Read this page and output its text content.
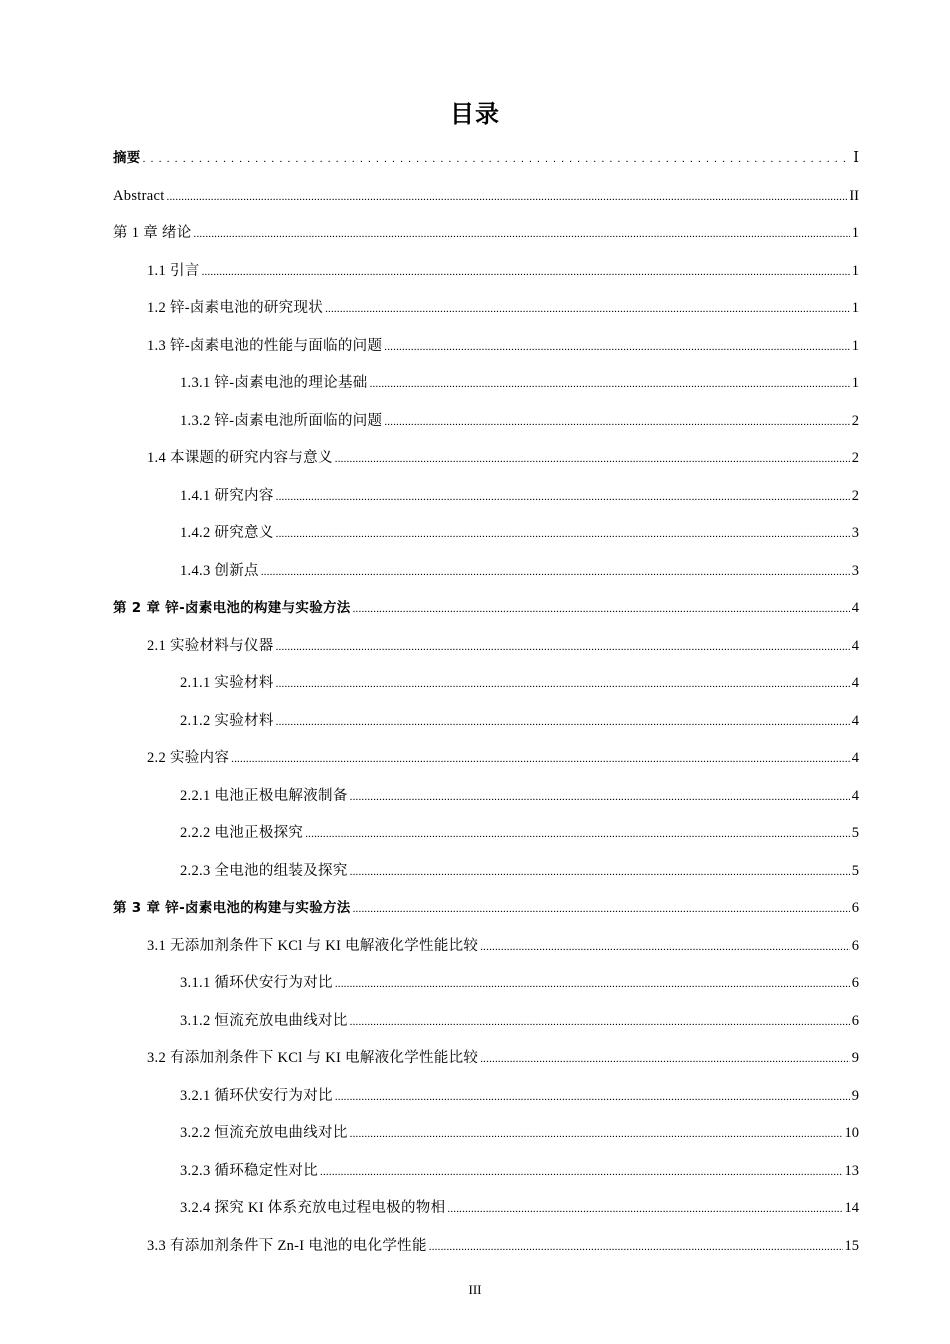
目录
摘要 .....	Ⅰ
Abstract .....	II
第 1 章 绪论 .....	1
1.1 引言 .....	1
1.2 锌-卤素电池的研究现状 .....	1
1.3 锌-卤素电池的性能与面临的问题 .....	1
1.3.1 锌-卤素电池的理论基础 .....	1
1.3.2 锌-卤素电池所面临的问题 .....	2
1.4 本课题的研究内容与意义 .....	2
1.4.1 研究内容 .....	2
1.4.2 研究意义 .....	3
1.4.3 创新点 .....	3
第 2 章 锌-卤素电池的构建与实验方法 .....	4
2.1 实验材料与仪器 .....	4
2.1.1 实验材料 .....	4
2.1.2 实验材料 .....	4
2.2 实验内容 .....	4
2.2.1 电池正极电解液制备 .....	4
2.2.2 电池正极探究 .....	5
2.2.3 全电池的组装及探究 .....	5
第 3 章 锌-卤素电池的构建与实验方法 .....	6
3.1 无添加剂条件下 KCl 与 KI 电解液化学性能比较 .....	6
3.1.1 循环伏安行为对比 .....	6
3.1.2 恒流充放电曲线对比 .....	6
3.2 有添加剂条件下 KCl 与 KI 电解液化学性能比较 .....	9
3.2.1 循环伏安行为对比 .....	9
3.2.2 恒流充放电曲线对比 .....	10
3.2.3 循环稳定性对比 .....	13
3.2.4 探究 KI 体系充放电过程电极的物相 .....	14
3.3 有添加剂条件下 Zn-I 电池的电化学性能 .....	15
III
